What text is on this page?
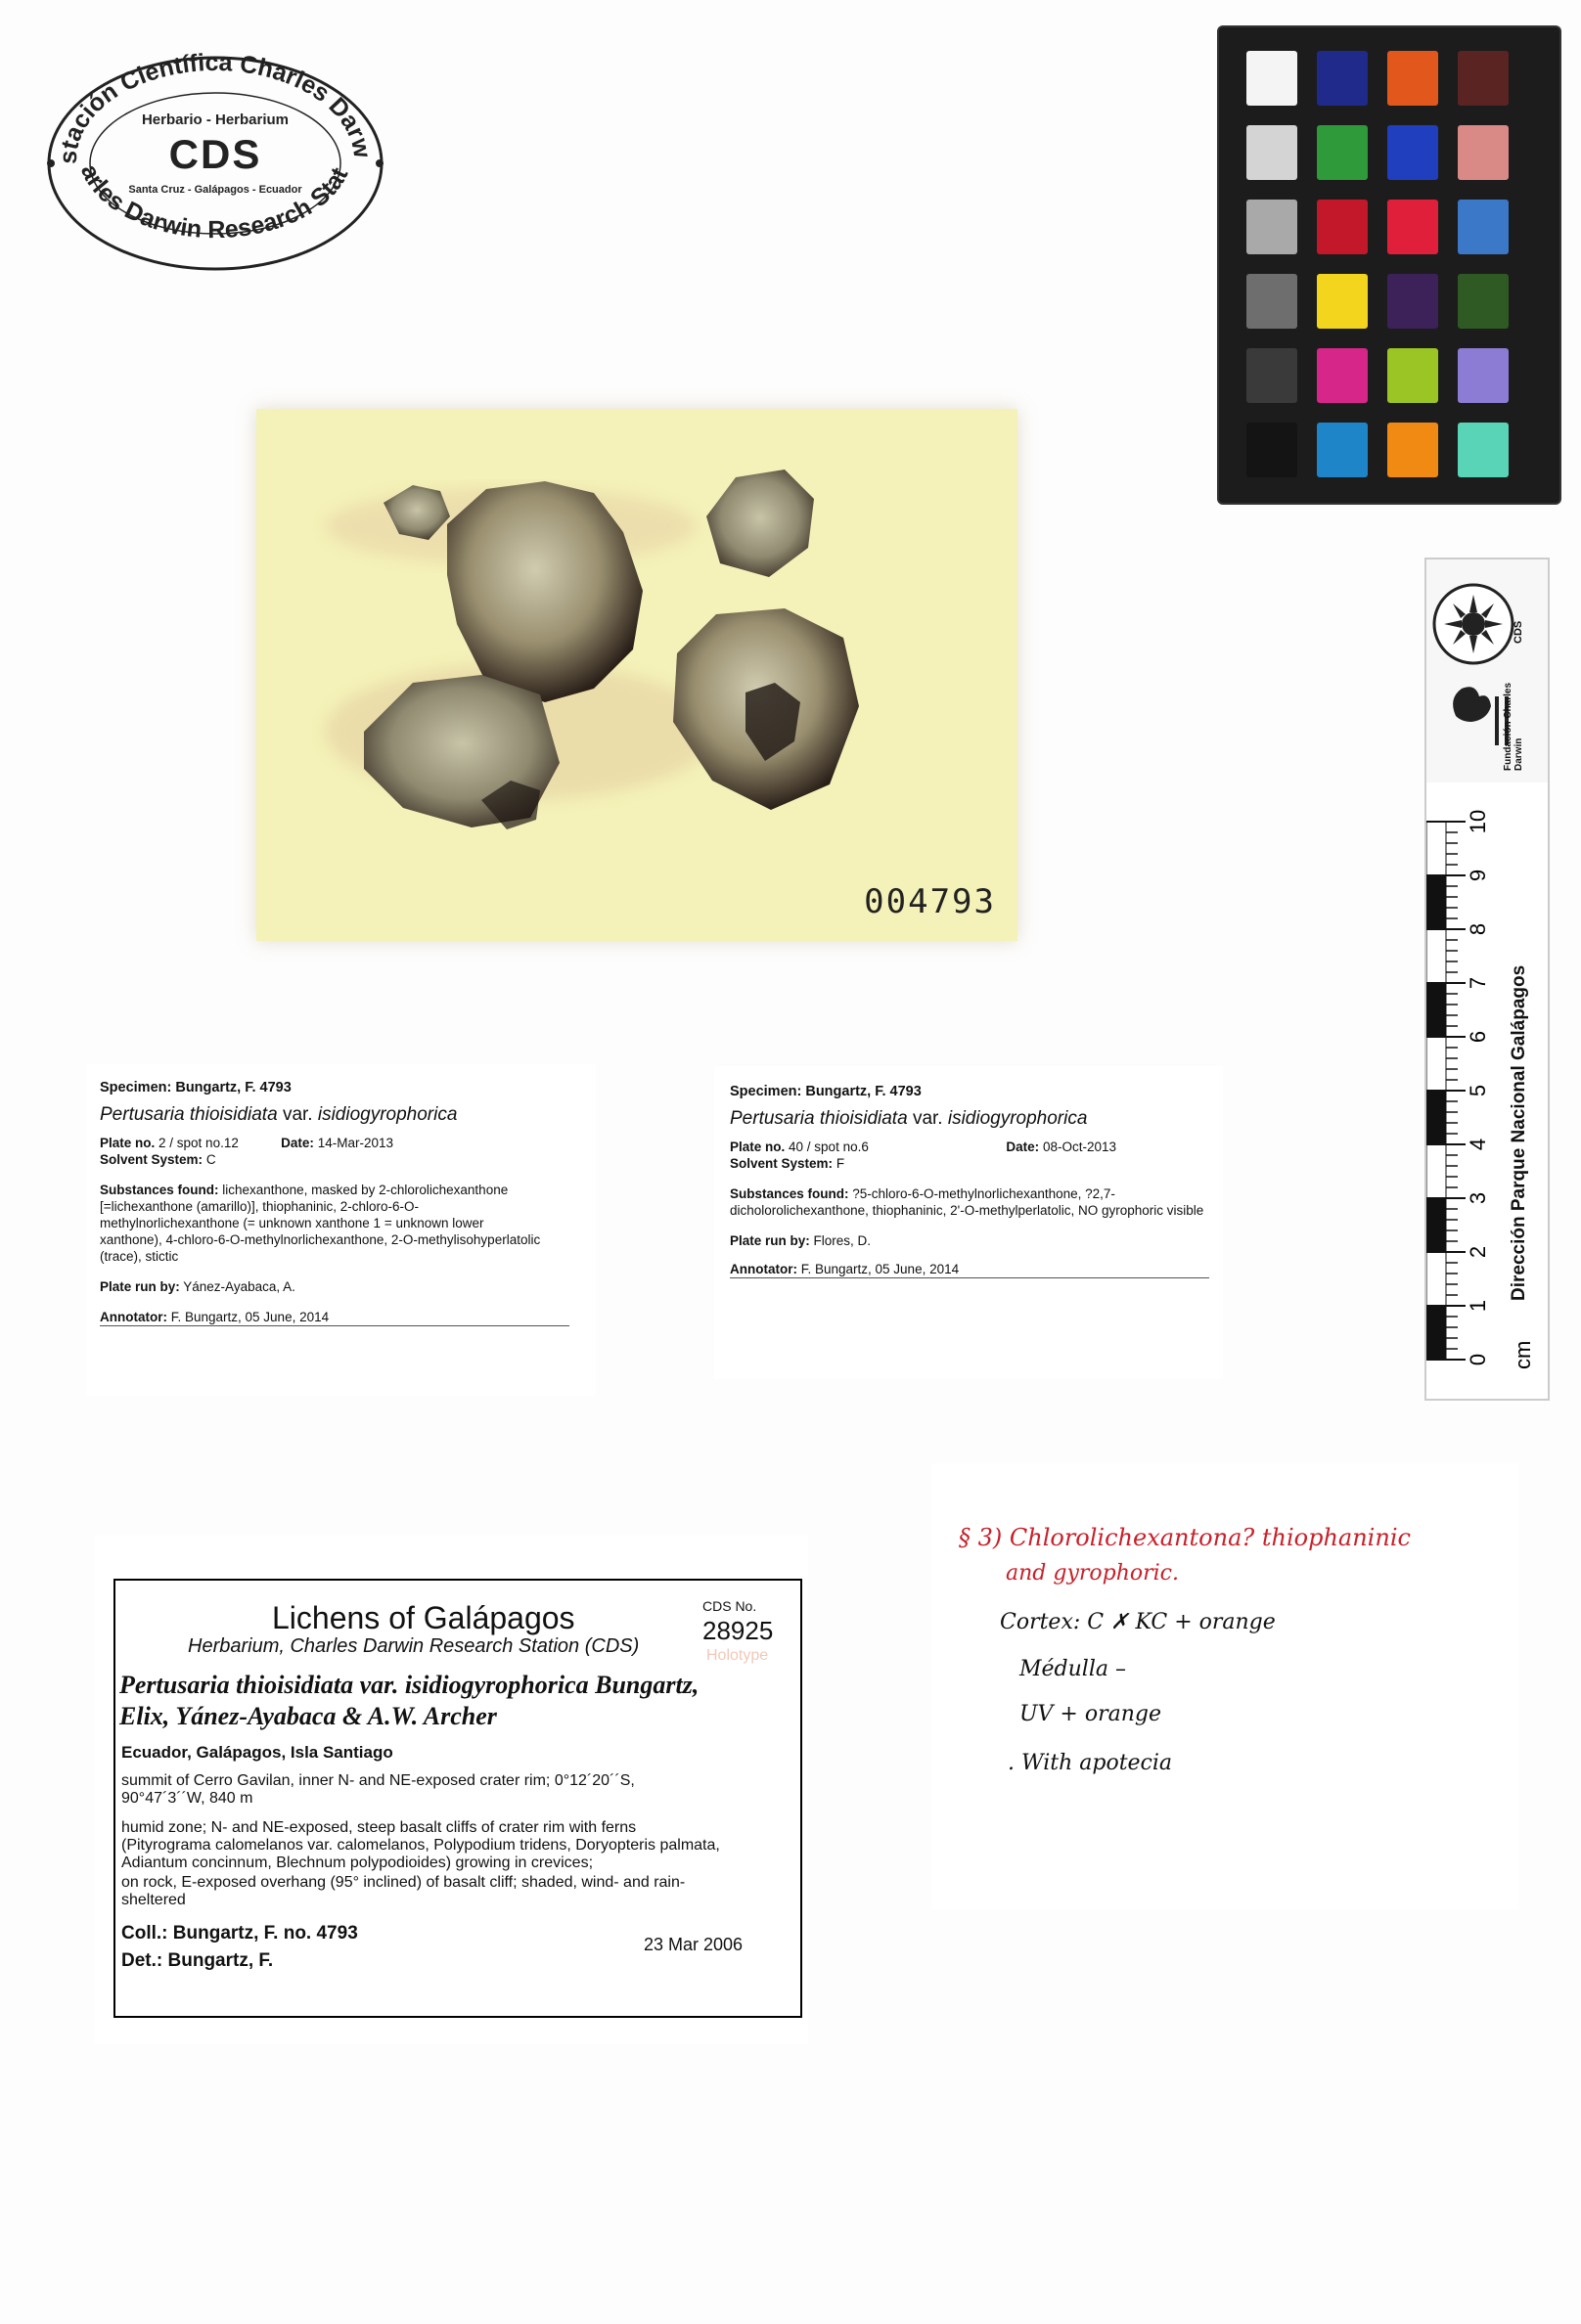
stación Científica Charles Darw
arles Darwin Research Stat
Herbario - Herbarium
CDS
Santa Cruz - Galápagos - Ecuador
CDS
Fundación Charles Darwin
0
1
2
3
4
5
6
7
8
9
10
cm
Dirección Parque Nacional Galápagos
004793
Specimen: Bungartz, F. 4793
Pertusaria thioisidiata var. isidiogyrophorica
Plate no. 2 / spot no.12	Date: 14-Mar-2013
Solvent System: C
Substances found: lichexanthone, masked by 2-chlorolichexanthone [=lichexanthone (amarillo)], thiophaninic, 2-chloro-6-O-methylnorlichexanthone (= unknown xanthone 1 = unknown lower xanthone), 4-chloro-6-O-methylnorlichexanthone, 2-O-methylisohyperlatolic (trace), stictic
Plate run by: Yánez-Ayabaca, A.
Annotator: F. Bungartz, 05 June, 2014
Specimen: Bungartz, F. 4793
Pertusaria thioisidiata var. isidiogyrophorica
Plate no. 40 / spot no.6	Date: 08-Oct-2013
Solvent System: F
Substances found: ?5-chloro-6-O-methylnorlichexanthone, ?2,7-dicholorolichexanthone, thiophaninic, 2'-O-methylperlatolic, NO gyrophoric visible
Plate run by: Flores, D.
Annotator: F. Bungartz, 05 June, 2014
Lichens of Galápagos
Herbarium, Charles Darwin Research Station (CDS)
CDS No.
28925
Holotype
Pertusaria thioisidiata var. isidiogyrophorica Bungartz,
Elix, Yánez-Ayabaca & A.W. Archer
Ecuador, Galápagos, Isla Santiago
summit of Cerro Gavilan, inner N- and NE-exposed crater rim; 0°12´20´´S,
90°47´3´´W, 840 m
humid zone; N- and NE-exposed, steep basalt cliffs of crater rim with ferns
(Pityrograma calomelanos var. calomelanos, Polypodium tridens, Doryopteris palmata,
Adiantum concinnum, Blechnum polypodioides) growing in crevices;
on rock, E-exposed overhang (95° inclined) of basalt cliff; shaded, wind- and rain-
sheltered
Coll.: Bungartz, F. no. 4793
23 Mar 2006
Det.: Bungartz, F.
§ 3) Chlorolichexantona? thiophaninic
and gyrophoric.
Cortex: C ✗ KC + orange
Médulla –
UV + orange
. With apotecia
